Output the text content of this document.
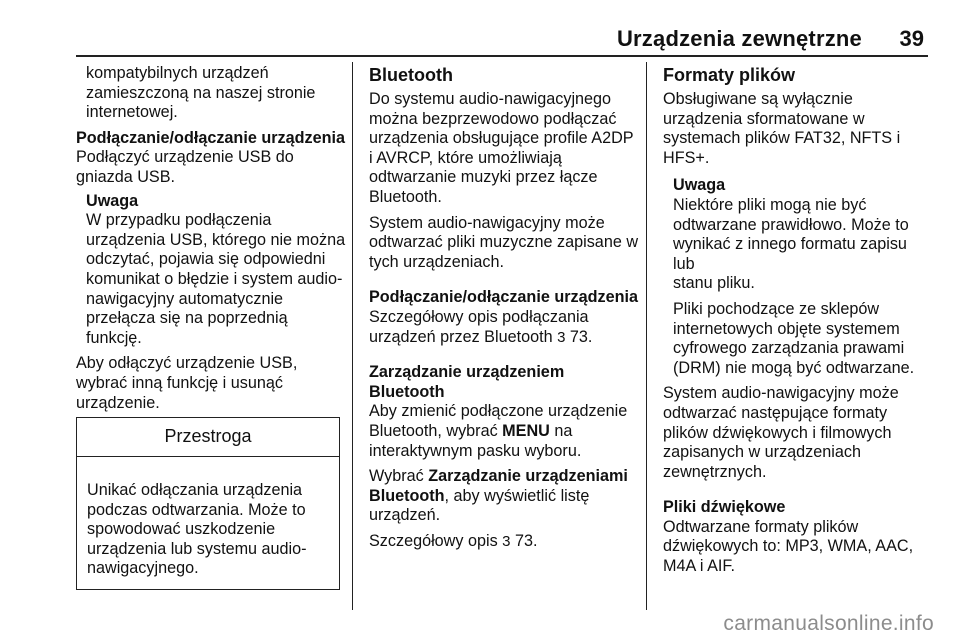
Urządzenia zewnętrzne 39
kompatybilnych urządzeń
zamieszczoną na naszej stronie
internetowej.
Podłączanie/odłączanie urządzenia
Podłączyć urządzenie USB do
gniazda USB.
Uwaga
W przypadku podłączenia
urządzenia USB, którego nie można
odczytać, pojawia się odpowiedni
komunikat o błędzie i system audio-
nawigacyjny automatycznie
przełącza się na poprzednią funkcję.
Aby odłączyć urządzenie USB,
wybrać inną funkcję i usunąć
urządzenie.
Przestroga
Unikać odłączania urządzenia
podczas odtwarzania. Może to
spowodować uszkodzenie
urządzenia lub systemu audio-
nawigacyjnego.
Bluetooth
Do systemu audio-nawigacyjnego
można bezprzewodowo podłączać
urządzenia obsługujące profile A2DP
i AVRCP, które umożliwiają
odtwarzanie muzyki przez łącze
Bluetooth.
System audio-nawigacyjny może
odtwarzać pliki muzyczne zapisane w
tych urządzeniach.
Podłączanie/odłączanie urządzenia
Szczegółowy opis podłączania
urządzeń przez Bluetooth 3 73.
Zarządzanie urządzeniem Bluetooth
Aby zmienić podłączone urządzenie
Bluetooth, wybrać MENU na
interaktywnym pasku wyboru.
Wybrać Zarządzanie urządzeniami
Bluetooth, aby wyświetlić listę
urządzeń.
Szczegółowy opis 3 73.
Formaty plików
Obsługiwane są wyłącznie
urządzenia sformatowane w
systemach plików FAT32, NFTS i
HFS+.
Uwaga
Niektóre pliki mogą nie być
odtwarzane prawidłowo. Może to
wynikać z innego formatu zapisu lub
stanu pliku.
Pliki pochodzące ze sklepów
internetowych objęte systemem
cyfrowego zarządzania prawami
(DRM) nie mogą być odtwarzane.
System audio-nawigacyjny może
odtwarzać następujące formaty
plików dźwiękowych i filmowych
zapisanych w urządzeniach
zewnętrznych.
Pliki dźwiękowe
Odtwarzane formaty plików
dźwiękowych to: MP3, WMA, AAC,
M4A i AIF.
carmanualsonline.info
